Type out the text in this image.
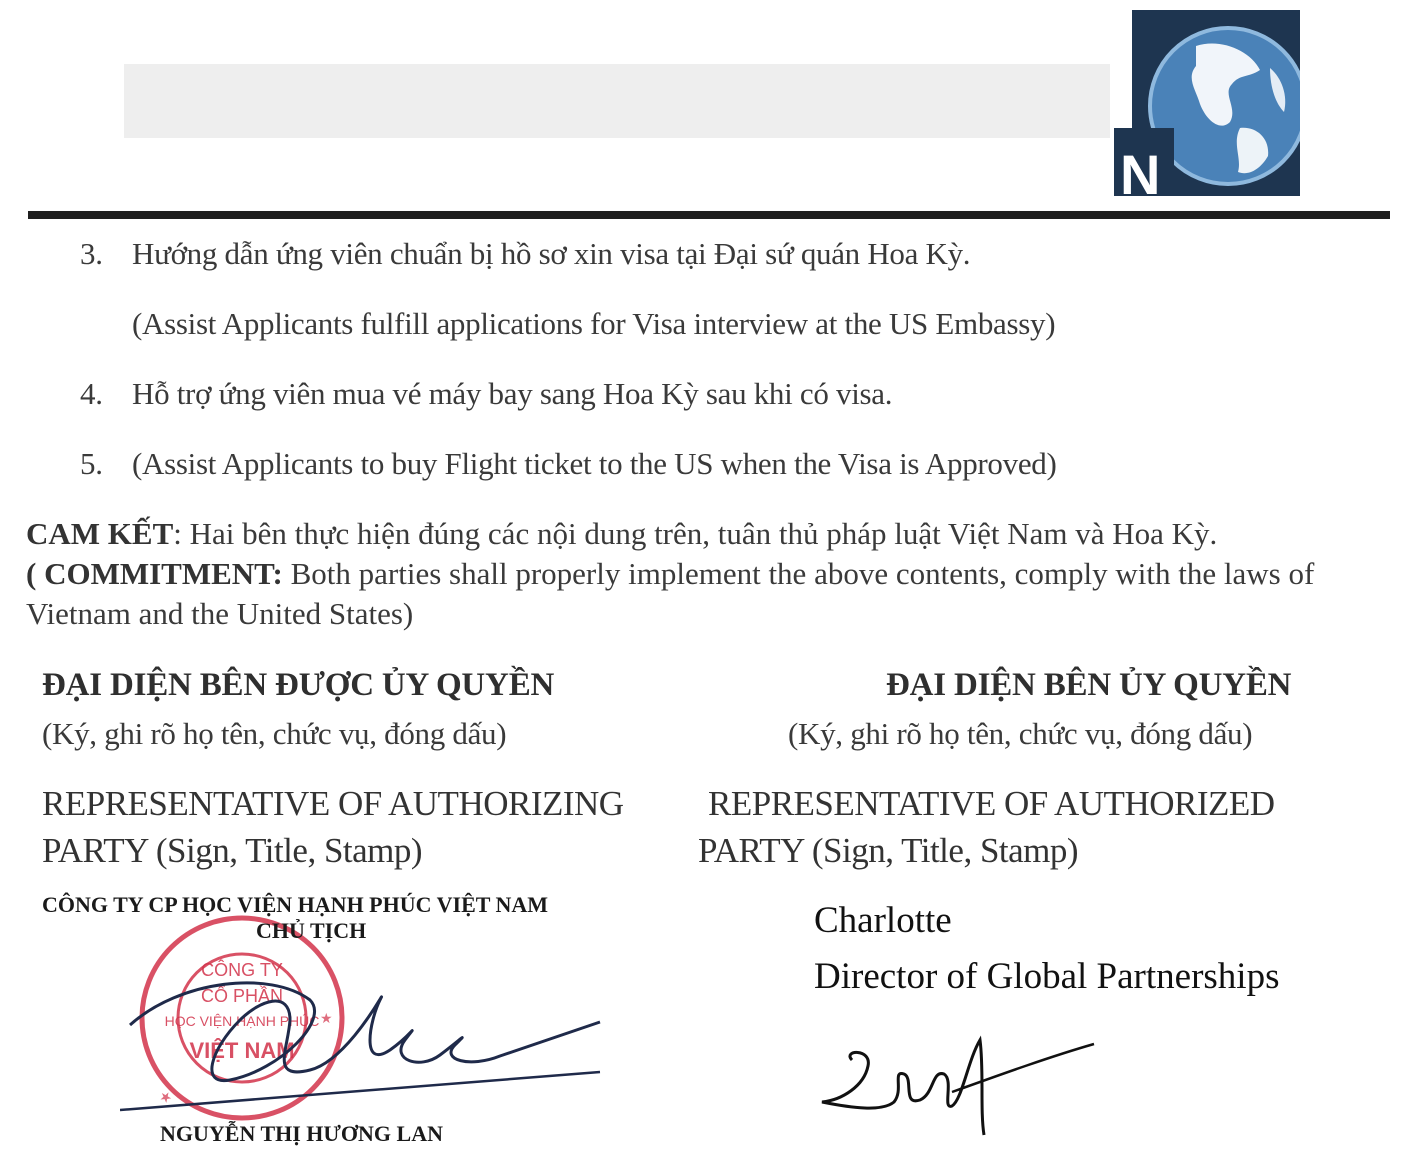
N
3. Hướng dẫn ứng viên chuẩn bị hồ sơ xin visa tại Đại sứ quán Hoa Kỳ.
(Assist Applicants fulfill applications for Visa interview at the US Embassy)
4. Hỗ trợ ứng viên mua vé máy bay sang Hoa Kỳ sau khi có visa.
5. (Assist Applicants to buy Flight ticket to the US when the Visa is Approved)
CAM KẾT: Hai bên thực hiện đúng các nội dung trên, tuân thủ pháp luật Việt Nam và Hoa Kỳ.
( COMMITMENT: Both parties shall properly implement the above contents, comply with the laws of Vietnam and the United States)
ĐẠI DIỆN BÊN ĐƯỢC ỦY QUYỀN
(Ký, ghi rõ họ tên, chức vụ, đóng dấu)
REPRESENTATIVE OF AUTHORIZING
PARTY (Sign, Title, Stamp)
ĐẠI DIỆN BÊN ỦY QUYỀN
(Ký, ghi rõ họ tên, chức vụ, đóng dấu)
REPRESENTATIVE OF AUTHORIZED
PARTY (Sign, Title, Stamp)
CÔNG TY CP HỌC VIỆN HẠNH PHÚC VIỆT NAM
CÔNG TY
CỔ PHẦN
HỌC VIỆN HẠNH PHÚC
VIỆT NAM
★
★
CHỦ TỊCH
NGUYỄN THỊ HƯƠNG LAN
Charlotte
Director of Global Partnerships
